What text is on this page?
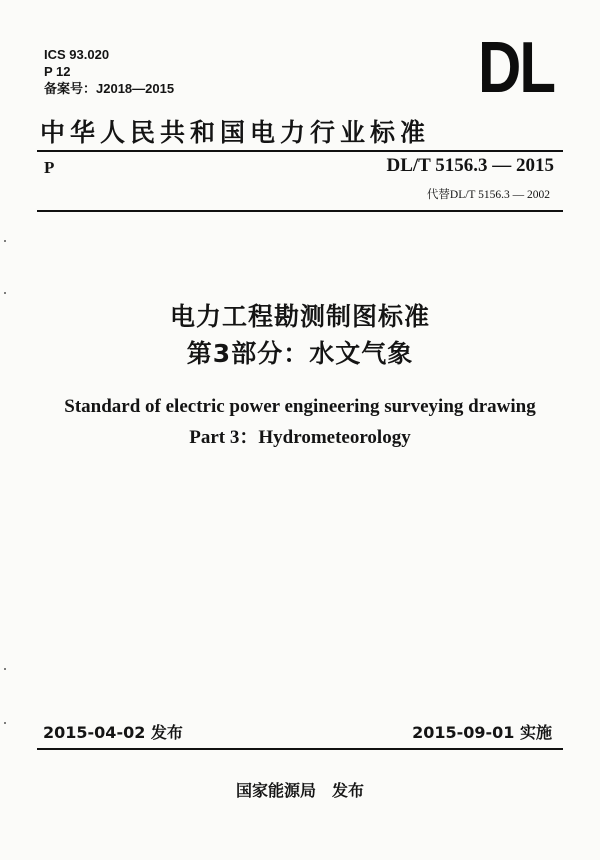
ICS 93.020
P 12
备案号：J2018—2015	DL
中华人民共和国电力行业标准
P	DL/T 5156.3 — 2015
代替DL/T 5156.3 — 2002
电力工程勘测制图标准
第3部分：水文气象
Standard of electric power engineering surveying drawing
Part 3：Hydrometeorology
2015-04-02 发布	2015-09-01 实施
国家能源局 发布
